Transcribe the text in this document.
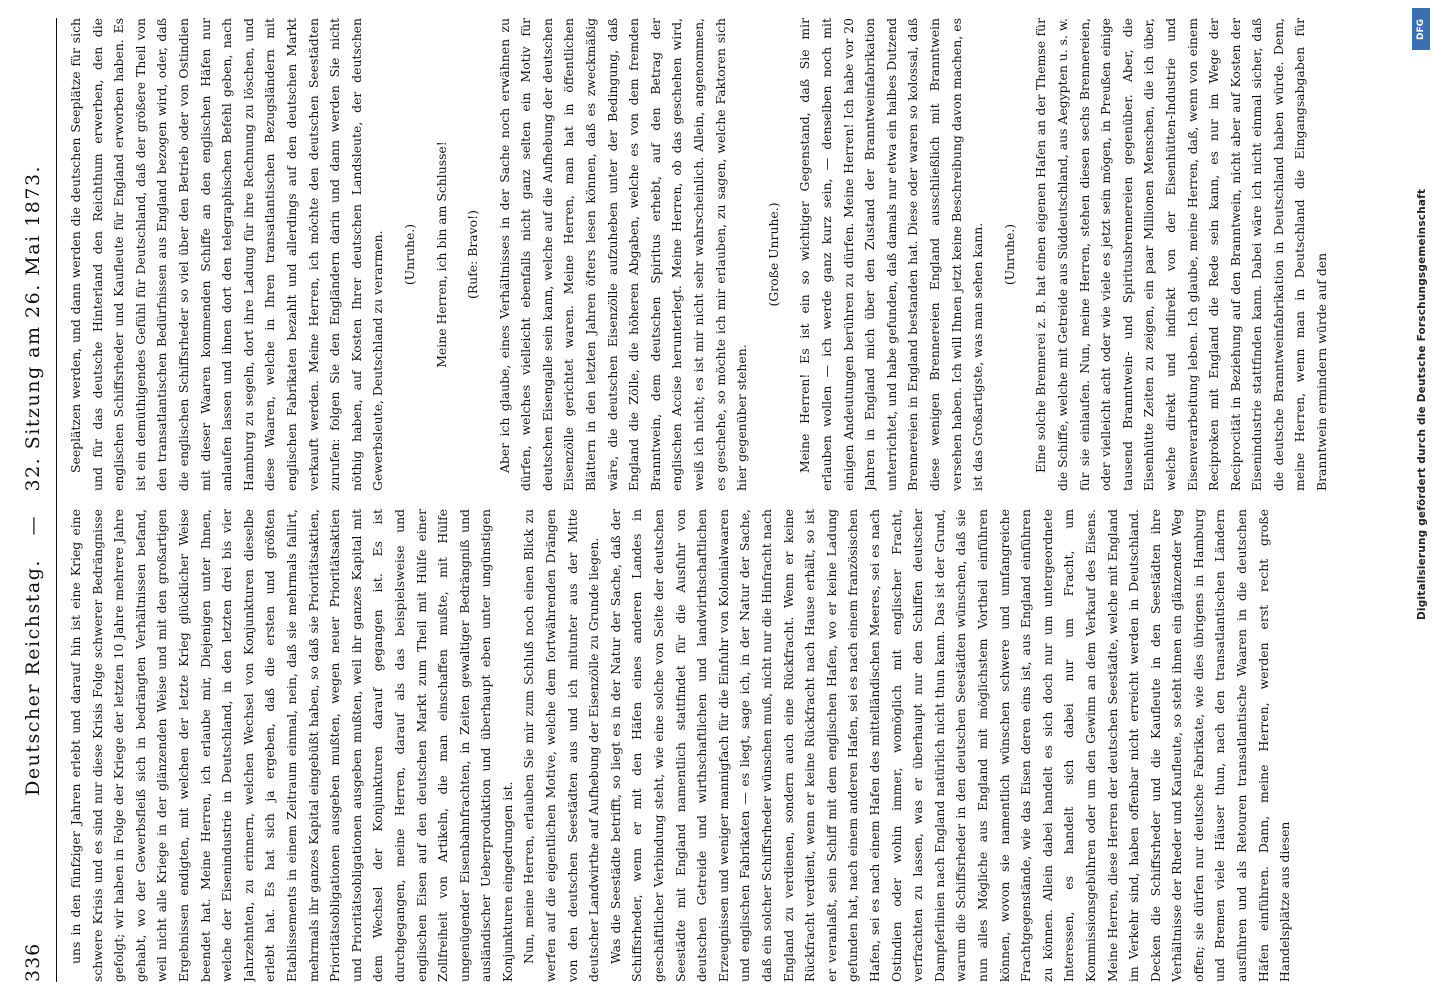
336
Deutscher Reichstag. — 32. Sitzung am 26. Mai 1873.

uns in den fünfziger Jahren erlebt und darauf hin ist eine Krieg eine schwere Krisis und es sind nur diese Krisis Folge schwerer Bedrängnisse gefolgt; wir haben in Folge der Kriege der letzten 10 Jahre mehrere Jahre gehabt, wo der Gewerbsfleiß sich in bedrängten Verhältnissen befand, weil nicht alle Kriege in der glänzenden Weise und mit den großartigen Ergebnissen endigten, mit welchen der letzte Krieg glücklicher Weise beendet hat. Meine Herren, ich erlaube mir, Diejenigen unter Ihnen, welche der Eisenindustrie in Deutschland, in den letzten drei bis vier Jahrzehnten, zu erinnern, welchen Wechsel von Konjunkturen dieselbe erlebt hat. Es hat sich ja ergeben, daß die ersten und größten Etablissements in einem Zeitraum einmal, nein, daß sie mehrmals fallirt, mehrmals ihr ganzes Kapital eingebüßt haben, so daß sie Prioritätsaktien, Prioritätsobligationen ausgeben mußten, wegen neuer Prioritätsaktien und Prioritätsobligationen ausgeben mußten, weil ihr ganzes Kapital mit dem Wechsel der Konjunkturen darauf gegangen ist. Es ist durchgegangen, meine Herren, darauf als das beispielsweise und englischen Eisen auf den deutschen Markt zum Theil mit Hülfe einer Zollfreiheit von Artikeln, die man einschaffen mußte, mit Hülfe ungenügender Eisenbahnfrachten, in Zeiten gewaltiger Bedrängniß und ausländischer Ueberproduktion und überhaupt eben unter ungünstigen Konjunkturen eingedrungen ist. Nun, meine Herren, erlauben Sie mir zum Schluß noch einen Blick zu werfen auf die eigentlichen Motive, welche dem fortwährenden Drängen von den deutschen Seestädten aus und ich mitunter aus der Mitte deutscher Landwirthe auf Aufhebung der Eisenzölle zu Grunde liegen. Was die Seestädte betrifft, so liegt es in der Natur der Sache, daß der Schiffsrheder, wenn er mit den Häfen eines anderen Landes in geschäftlicher Verbindung steht, wie eine solche von Seite der deutschen Seestädte mit England namentlich stattfindet für die Ausfuhr von deutschen Getreide und wirthschaftlichen und landwirthschaftlichen Erzeugnissen und weniger mannigfach für die Einfuhr von Kolonialwaaren und englischen Fabrikaten — es liegt, sage ich, in der Natur der Sache, daß ein solcher Schiffsrheder wünschen muß, nicht nur die Hinfracht nach England zu verdienen, sondern auch eine Rückfracht. Wenn er keine Rückfracht verdient, wenn er keine Rückfracht nach Hause erhält, so ist er veranlaßt, sein Schiff mit dem englischen Hafen, wo er keine Ladung gefunden hat, nach einem anderen Hafen, sei es nach einem französischen Hafen, sei es nach einem Hafen des mittelländischen Meeres, sei es nach Ostindien oder wohin immer, womöglich mit englischer Fracht, verfrachten zu lassen, was er überhaupt nur den Schiffen deutscher Dampferlinien nach England natürlich nicht thun kann. Das ist der Grund, warum die Schiffsrheder in den deutschen Seestädten wünschen, daß sie nun alles Mögliche aus England mit möglichstem Vortheil einführen können, wovon sie namentlich wünschen schwere und umfangreiche Frachtgegenstände, wie das Eisen deren eins ist, aus England einführen zu können. Allein dabei handelt es sich doch nur um untergeordnete Interessen, es handelt sich dabei nur um Fracht, um Kommissionsgebühren oder um den Gewinn an dem Verkauf des Eisens. Meine Herren, diese Herren der deutschen Seestädte, welche mit England im Verkehr sind, haben offenbar nicht erreicht werden in Deutschland. Decken die Schiffsrheder und die Kaufleute in den Seestädten ihre Verhältnisse der Rheder und Kaufleute, so steht ihnen ein glänzender Weg offen; sie dürfen nur deutsche Fabrikate, wie dies übrigens in Hamburg und Bremen viele Häuser thun, nach den transatlantischen Ländern ausführen und als Retouren transatlantische Waaren in die deutschen Häfen einführen. Dann, meine Herren, werden erst recht große Handelsplätze aus diesen

Seeplätzen werden, und dann werden die deutschen Seeplätze für sich und für das deutsche Hinterland den Reichthum erwerben, den die englischen Schiffsrheder und Kaufleute für England erworben haben. Es ist ein demüthigendes Gefühl für Deutschland, daß der größere Theil von den transatlantischen Bedürfnissen aus England bezogen wird, oder, daß die englischen Schiffsrheder so viel über den Betrieb oder von Ostindien mit dieser Waaren kommenden Schiffe an den englischen Häfen nur anlaufen lassen und ihnen dort den telegraphischen Befehl geben, nach Hamburg zu segeln, dort ihre Ladung für ihre Rechnung zu löschen, und diese Waaren, welche in Ihren transatlantischen Bezugsländern mit englischen Fabrikaten bezahlt und allerdings auf den deutschen Markt verkauft werden. Meine Herren, ich möchte den deutschen Seestädten zurufen: folgen Sie den Engländern darin und dann werden Sie nicht nöthig haben, auf Kosten Ihrer deutschen Landsleute, der deutschen Gewerbsleute, Deutschland zu verarmen. (Unruhe.) Meine Herren, ich bin am Schlusse! (Rufe: Bravo!) Aber ich glaube, eines Verhältnisses in der Sache noch erwähnen zu dürfen, welches vielleicht ebenfalls nicht ganz selten ein Motiv für deutschen Eisengalle sein kann, welche auf die Aufhebung der deutschen Eisenzölle gerichtet waren. Meine Herren, man hat in öffentlichen Blättern in den letzten Jahren öfters lesen können, daß es zweckmäßig wäre, die deutschen Eisenzölle aufzuheben unter der Bedingung, daß England die Zölle, die höheren Abgaben, welche es von dem fremden Branntwein, dem deutschen Spiritus erhebt, auf den Betrag der englischen Accise herunterlegt. Meine Herren, ob das geschehen wird, weiß ich nicht; es ist mir nicht sehr wahrscheinlich. Allein, angenommen, es geschehe, so möchte ich mir erlauben, zu sagen, welche Faktoren sich hier gegenüber stehen.

(Große Unruhe.) Meine Herren! Es ist ein so wichtiger Gegenstand, daß Sie mir erlauben wollen — ich werde ganz kurz sein, — denselben noch mit einigen Andeutungen berühren zu dürfen. Meine Herren! Ich habe vor 20 Jahren in England mich über den Zustand der Branntweinfabrikation unterrichtet, und habe gefunden, daß damals nur etwa ein halbes Dutzend Brennereien in England bestanden hat. Diese oder waren so kolossal, daß diese wenigen Brennereien England ausschließlich mit Branntwein versehen haben. Ich will Ihnen jetzt keine Beschreibung davon machen, es ist das Großartigste, was man sehen kann. (Unruhe.) Eine solche Brennerei z. B. hat einen eigenen Hafen an der Themse für die Schiffe, welche mit Getreide aus Süddeutschland, aus Aegypten u. s. w. für sie einlaufen. Nun, meine Herren, stehen diesen sechs Brennereien, oder vielleicht acht oder wie viele es jetzt sein mögen, in Preußen einige tausend Branntwein- und Spiritusbrennereien gegenüber. Aber, die Eisenhütte Zeiten zu zeigen, ein paar Millionen Menschen, die ich über, welche direkt und indirekt von der Eisenhütten-Industrie und Eisenverarbeitung leben. Ich glaube, meine Herren, daß, wenn von einem Reciproken mit England die Rede sein kann, es nur im Wege der Reciprocität in Beziehung auf den Branntwein, nicht aber auf Kosten der Eisenindustrie stattfinden kann. Dabei wäre ich nicht einmal sicher, daß die deutsche Branntweinfabrikation in Deutschland haben würde. Denn, meine Herren, wenn man in Deutschland die Eingangsabgaben für Branntwein ermindern würde auf den

DFG
Digitalisierung gefördert durch die Deutsche Forschungsgemeinschaft
